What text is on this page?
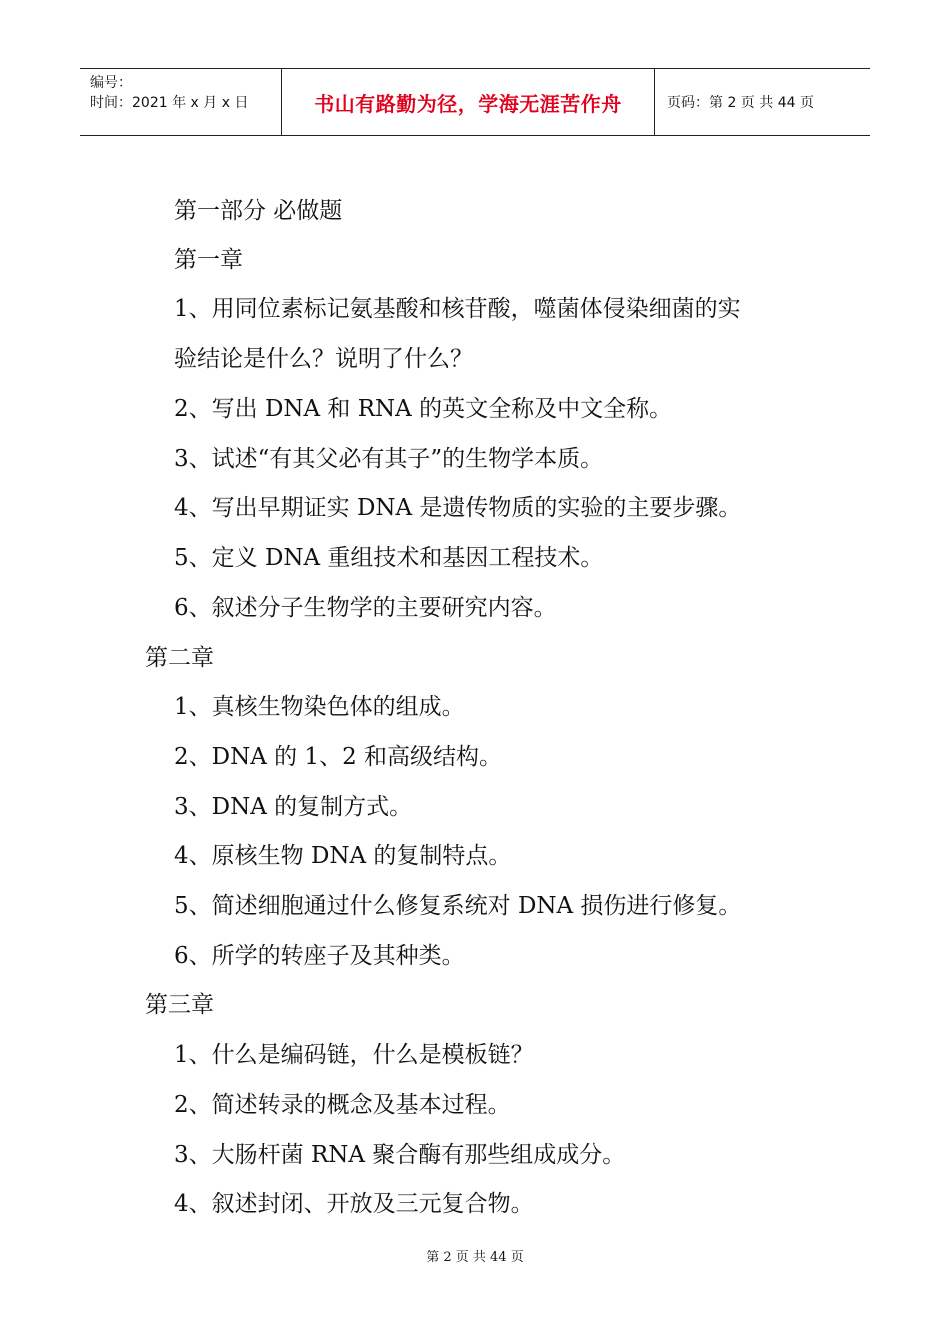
编号：
时间：2021 年 x 月 x 日	书山有路勤为径，学海无涯苦作舟	页码：第 2 页 共 44 页
第一部分 必做题
第一章
1、用同位素标记氨基酸和核苷酸，噬菌体侵染细菌的实
验结论是什么？说明了什么？
2、写出 DNA 和 RNA 的英文全称及中文全称。
3、试述“有其父必有其子”的生物学本质。
4、写出早期证实 DNA 是遗传物质的实验的主要步骤。
5、定义 DNA 重组技术和基因工程技术。
6、叙述分子生物学的主要研究内容。
第二章
1、真核生物染色体的组成。
2、DNA 的 1、2 和高级结构。
3、DNA 的复制方式。
4、原核生物 DNA 的复制特点。
5、简述细胞通过什么修复系统对 DNA 损伤进行修复。
6、所学的转座子及其种类。
第三章
1、什么是编码链，什么是模板链？
2、简述转录的概念及基本过程。
3、大肠杆菌 RNA 聚合酶有那些组成成分。
4、叙述封闭、开放及三元复合物。
第 2 页 共 44 页
